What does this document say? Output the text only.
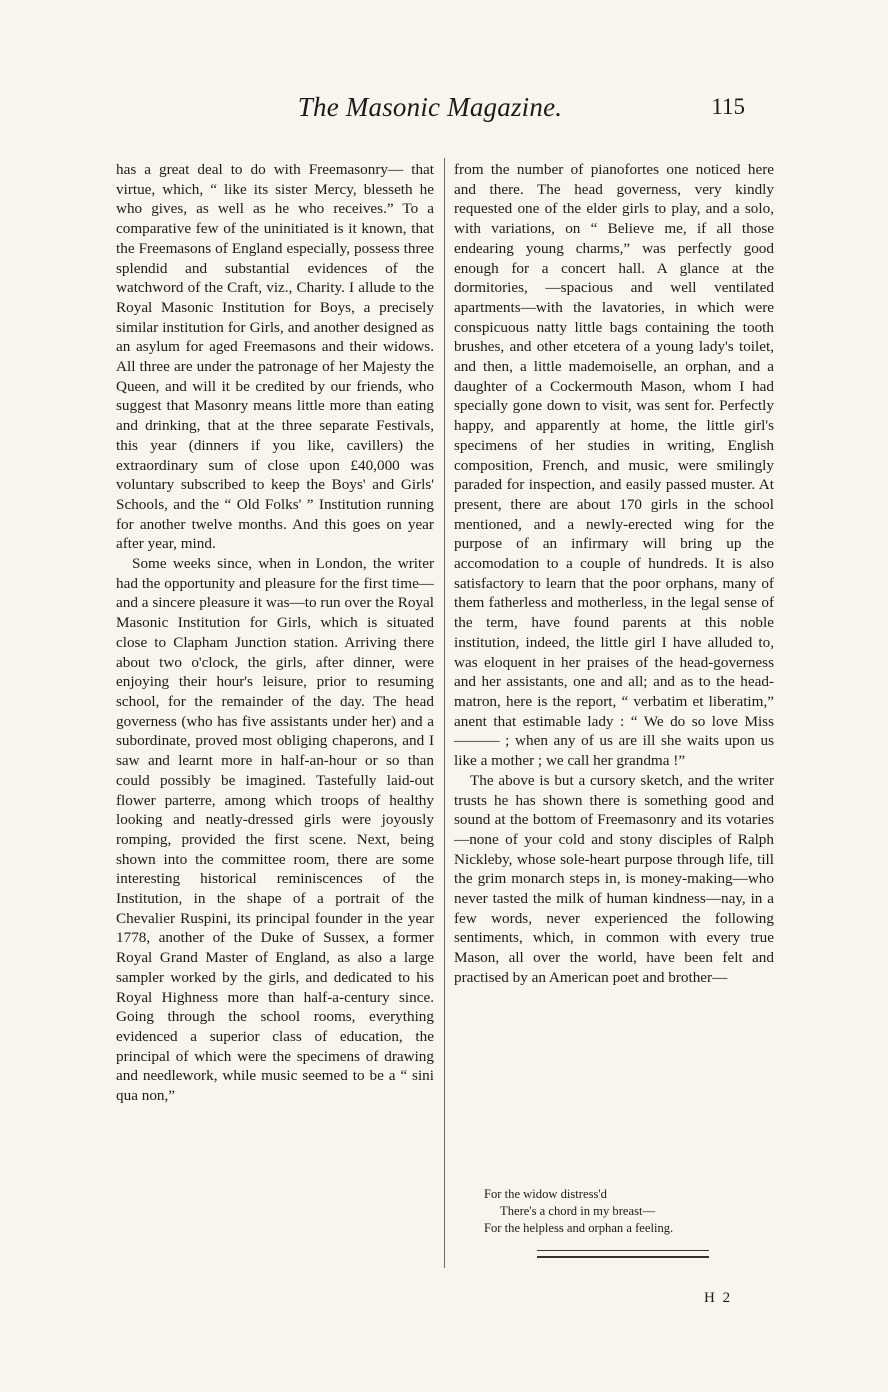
The Masonic Magazine.	115

has a great deal to do with Freemasonry— that virtue, which, “ like its sister Mercy, blesseth he who gives, as well as he who receives.” To a comparative few of the uninitiated is it known, that the Freemasons of England especially, possess three splendid and substantial evidences of the watchword of the Craft, viz., Charity. I allude to the Royal Masonic Institution for Boys, a precisely similar institution for Girls, and another designed as an asylum for aged Freemasons and their widows. All three are under the patronage of her Majesty the Queen, and will it be credited by our friends, who suggest that Masonry means little more than eating and drinking, that at the three separate Festivals, this year (dinners if you like, cavillers) the extraordinary sum of close upon £40,000 was voluntary subscribed to keep the Boys' and Girls' Schools, and the “ Old Folks' ” Institution running for another twelve months. And this goes on year after year, mind.

Some weeks since, when in London, the writer had the opportunity and pleasure for the first time—and a sincere pleasure it was—to run over the Royal Masonic Institution for Girls, which is situated close to Clapham Junction station. Arriving there about two o'clock, the girls, after dinner, were enjoying their hour's leisure, prior to resuming school, for the remainder of the day. The head governess (who has five assistants under her) and a subordinate, proved most obliging chaperons, and I saw and learnt more in half-an-hour or so than could possibly be imagined. Tastefully laid-out flower parterre, among which troops of healthy looking and neatly-dressed girls were joyously romping, provided the first scene. Next, being shown into the committee room, there are some interesting historical reminiscences of the Institution, in the shape of a portrait of the Chevalier Ruspini, its principal founder in the year 1778, another of the Duke of Sussex, a former Royal Grand Master of England, as also a large sampler worked by the girls, and dedicated to his Royal Highness more than half-a-century since. Going through the school rooms, everything evidenced a superior class of education, the principal of which were the specimens of drawing and needlework, while music seemed to be a “ sini qua non,”

from the number of pianofortes one noticed here and there. The head governess, very kindly requested one of the elder girls to play, and a solo, with variations, on “ Believe me, if all those endearing young charms,” was perfectly good enough for a concert hall. A glance at the dormitories, —spacious and well ventilated apartments—with the lavatories, in which were conspicuous natty little bags containing the tooth brushes, and other etcetera of a young lady's toilet, and then, a little mademoiselle, an orphan, and a daughter of a Cockermouth Mason, whom I had specially gone down to visit, was sent for. Perfectly happy, and apparently at home, the little girl's specimens of her studies in writing, English composition, French, and music, were smilingly paraded for inspection, and easily passed muster. At present, there are about 170 girls in the school mentioned, and a newly-erected wing for the purpose of an infirmary will bring up the accomodation to a couple of hundreds. It is also satisfactory to learn that the poor orphans, many of them fatherless and motherless, in the legal sense of the term, have found parents at this noble institution, indeed, the little girl I have alluded to, was eloquent in her praises of the head-governess and her assistants, one and all; and as to the head-matron, here is the report, “ verbatim et liberatim,” anent that estimable lady : “ We do so love Miss ——— ; when any of us are ill she waits upon us like a mother ; we call her grandma !”

The above is but a cursory sketch, and the writer trusts he has shown there is something good and sound at the bottom of Freemasonry and its votaries—none of your cold and stony disciples of Ralph Nickleby, whose sole-heart purpose through life, till the grim monarch steps in, is money-making—who never tasted the milk of human kindness—nay, in a few words, never experienced the following sentiments, which, in common with every true Mason, all over the world, have been felt and practised by an American poet and brother—

For the widow distress'd
There's a chord in my breast—
For the helpless and orphan a feeling.
H 2
